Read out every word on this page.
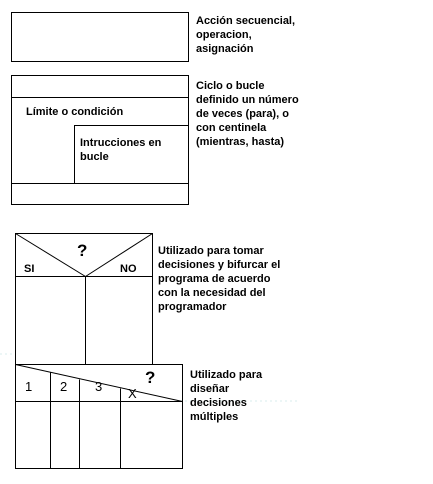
Acción secuencial,
operacion,
asignación
Límite o condición
Intrucciones en
bucle
Ciclo o bucle
definido un número
de veces (para), o
con centinela
(mientras, hasta)
?
SI	NO
Utilizado para tomar
decisiones y bifurcar el
programa de acuerdo
con la necesidad del
programador
1 2 3 X
?	Utilizado para
diseñar
decisiones
múltiples
